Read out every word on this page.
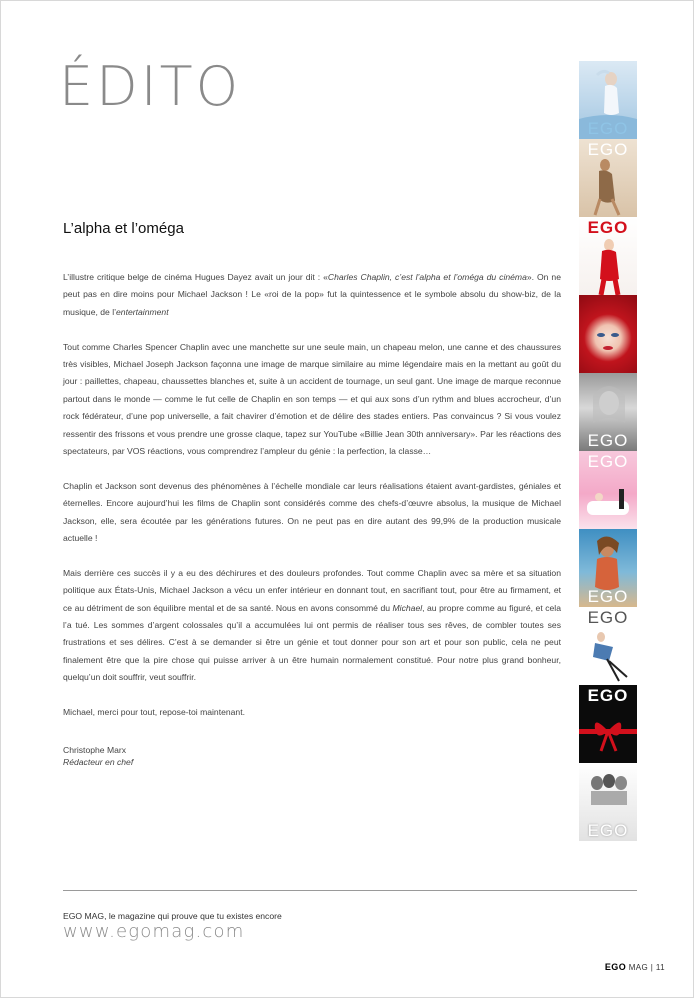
ÉDITO
L’alpha et l’oméga

L’illustre critique belge de cinéma Hugues Dayez avait un jour dit : «Charles Chaplin, c’est l’alpha et l’oméga du cinéma». On ne peut pas en dire moins pour Michael Jackson ! Le «roi de la pop» fut la quintessence et le symbole absolu du show-biz, de la musique, de l’entertainment

Tout comme Charles Spencer Chaplin avec une manchette sur une seule main, un chapeau melon, une canne et des chaussures très visibles, Michael Joseph Jackson façonna une image de marque similaire au mime légendaire mais en la mettant au goût du jour : paillettes, chapeau, chaussettes blanches et, suite à un accident de tournage, un seul gant. Une image de marque reconnue partout dans le monde — comme le fut celle de Chaplin en son temps — et qui aux sons d’un rythm and blues accrocheur, d’un rock fédérateur, d’une pop universelle, a fait chavirer d’émotion et de délire des stades entiers. Pas convaincus ? Si vous voulez ressentir des frissons et vous prendre une grosse claque, tapez sur YouTube «Billie Jean 30th anniversary». Par les réactions des spectateurs, par VOS réactions, vous comprendrez l’ampleur du génie : la perfection, la classe…

Chaplin et Jackson sont devenus des phénomènes à l’échelle mondiale car leurs réalisations étaient avant-gardistes, géniales et éternelles. Encore aujourd’hui les films de Chaplin sont considérés comme des chefs-d’œuvre absolus, la musique de Michael Jackson, elle, sera écoutée par les générations futures. On ne peut pas en dire autant des 99,9% de la production musicale actuelle !

Mais derrière ces succès il y a eu des déchirures et des douleurs profondes. Tout comme Chaplin avec sa mère et sa situation politique aux États-Unis, Michael Jackson a vécu un enfer intérieur en donnant tout, en sacrifiant tout, pour être au firmament, et ce au détriment de son équilibre mental et de sa santé. Nous en avons consommé du Michael, au propre comme au figuré, et cela l’a tué. Les sommes d’argent colossales qu’il a accumulées lui ont permis de réaliser tous ses rêves, de combler toutes ses frustrations et ses délires. C’est à se demander si être un génie et tout donner pour son art et pour son public, cela ne peut finalement être que la pire chose qui puisse arriver à un être humain normalement constitué. Pour notre plus grand bonheur, quelqu’un doit souffrir, veut souffrir.

Michael, merci pour tout, repose-toi maintenant.

Christophe Marx
Rédacteur en chef
EGO
EGO
EGO
EGO
EGO
EGO
EGO
EGO
EGO
EGO MAG, le magazine qui prouve que tu existes encore
www.egomag.com
EGO MAG | 11
